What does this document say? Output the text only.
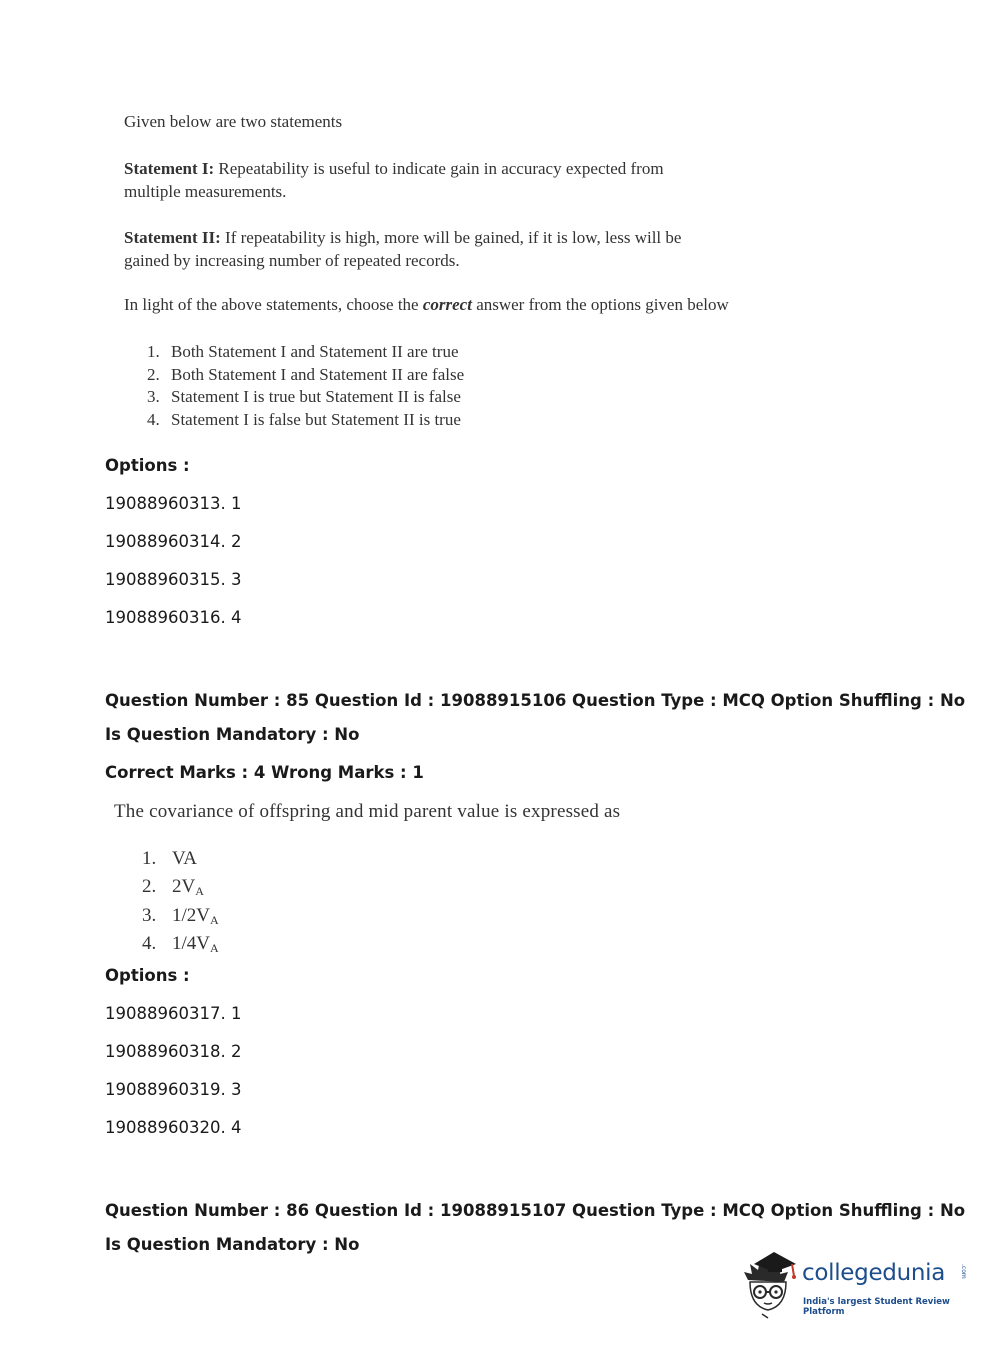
Given below are two statements
Statement I: Repeatability is useful to indicate gain in accuracy expected from multiple measurements.
Statement II: If repeatability is high, more will be gained, if it is low, less will be gained by increasing number of repeated records.
In light of the above statements, choose the correct answer from the options given below
1. Both Statement I and Statement II are true
2. Both Statement I and Statement II are false
3. Statement I is true but Statement II is false
4. Statement I is false but Statement II is true
Options :
19088960313. 1
19088960314. 2
19088960315. 3
19088960316. 4
Question Number : 85 Question Id : 19088915106 Question Type : MCQ Option Shuffling : No
Is Question Mandatory : No
Correct Marks : 4 Wrong Marks : 1
The covariance of offspring and mid parent value is expressed as
1. VA
2. $2V_A$
3. $1/2V_A$
4. $1/4V_A$
Options :
19088960317. 1
19088960318. 2
19088960319. 3
19088960320. 4
Question Number : 86 Question Id : 19088915107 Question Type : MCQ Option Shuffling : No
Is Question Mandatory : No
collegedunia .com
India's largest Student Review Platform
